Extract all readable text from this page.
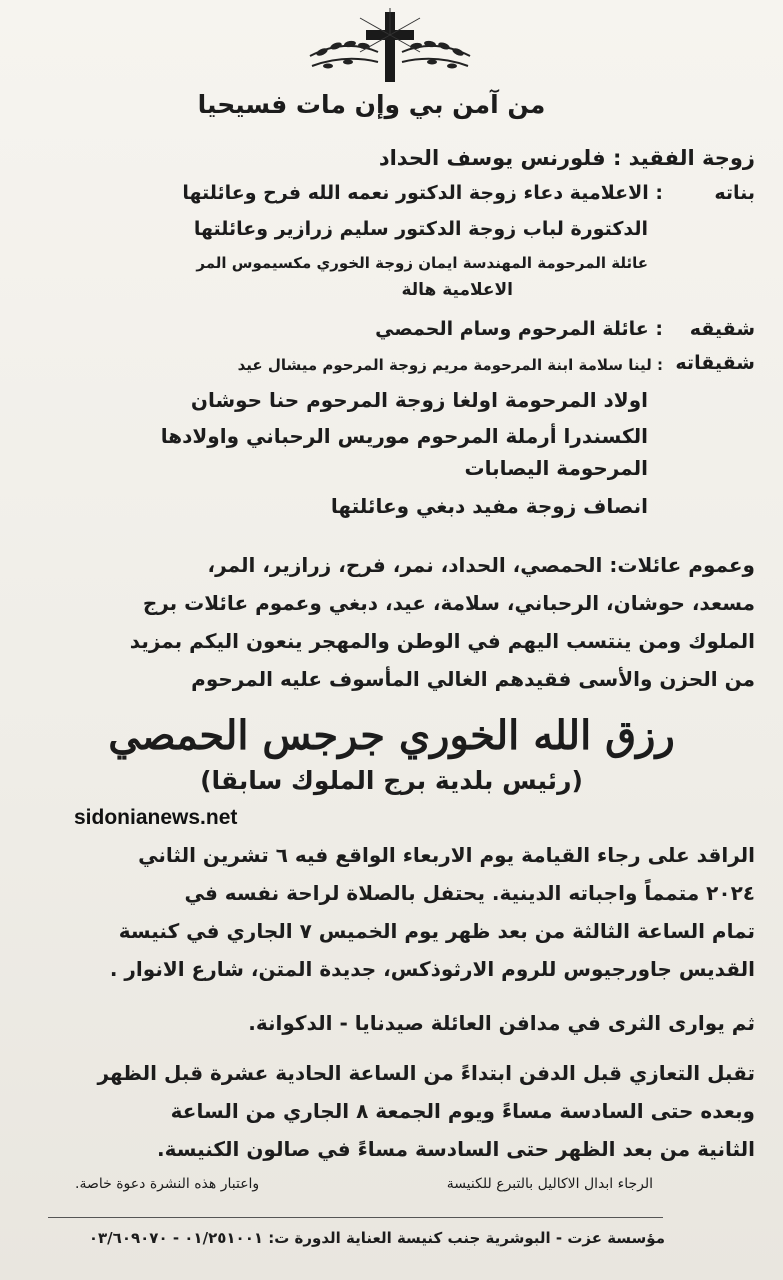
من آمن بي وإن مات فسيحيا
زوجة الفقيد : فلورنس يوسف الحداد
بناته
: الاعلامية دعاء زوجة الدكتور نعمه الله فرح وعائلتها
الدكتورة لباب زوجة الدكتور سليم زرازير وعائلتها
عائلة المرحومة المهندسة ايمان زوجة الخوري مكسيموس المر
الاعلامية هالة
شقيقه
: عائلة المرحوم وسام الحمصي
شقيقاته
: لينا سلامة ابنة المرحومة مريم زوجة المرحوم ميشال عيد
اولاد المرحومة اولغا زوجة المرحوم حنا حوشان
الكسندرا أرملة المرحوم موريس الرحباني واولادها
المرحومة اليصابات
انصاف زوجة مفيد دبغي وعائلتها
وعموم عائلات: الحمصي، الحداد، نمر، فرح، زرازير، المر،
مسعد، حوشان، الرحباني، سلامة، عيد، دبغي وعموم عائلات برج
الملوك ومن ينتسب اليهم في الوطن والمهجر ينعون اليكم بمزيد
من الحزن والأسى فقيدهم الغالي المأسوف عليه المرحوم
رزق الله الخوري جرجس الحمصي
(رئيس بلدية برج الملوك سابقا)
sidonianews.net
الراقد على رجاء القيامة يوم الاربعاء الواقع فيه ٦ تشرين الثاني
٢٠٢٤ متمماً واجباته الدينية. يحتفل بالصلاة لراحة نفسه في
تمام الساعة الثالثة من بعد ظهر يوم الخميس ٧ الجاري في كنيسة
القديس جاورجيوس للروم الارثوذكس، جديدة المتن، شارع الانوار .
ثم يوارى الثرى في مدافن العائلة صيدنايا - الدكوانة.
تقبل التعازي قبل الدفن ابتداءً من الساعة الحادية عشرة قبل الظهر
وبعده حتى السادسة مساءً ويوم الجمعة ٨ الجاري من الساعة
الثانية من بعد الظهر حتى السادسة مساءً في صالون الكنيسة.
الرجاء ابدال الاكاليل بالتبرع للكنيسة
واعتبار هذه النشرة دعوة خاصة.
مؤسسة عزت - البوشرية جنب كنيسة العناية الدورة ت: ٠١/٢٥١٠٠١ - ٠٣/٦٠٩٠٧٠
